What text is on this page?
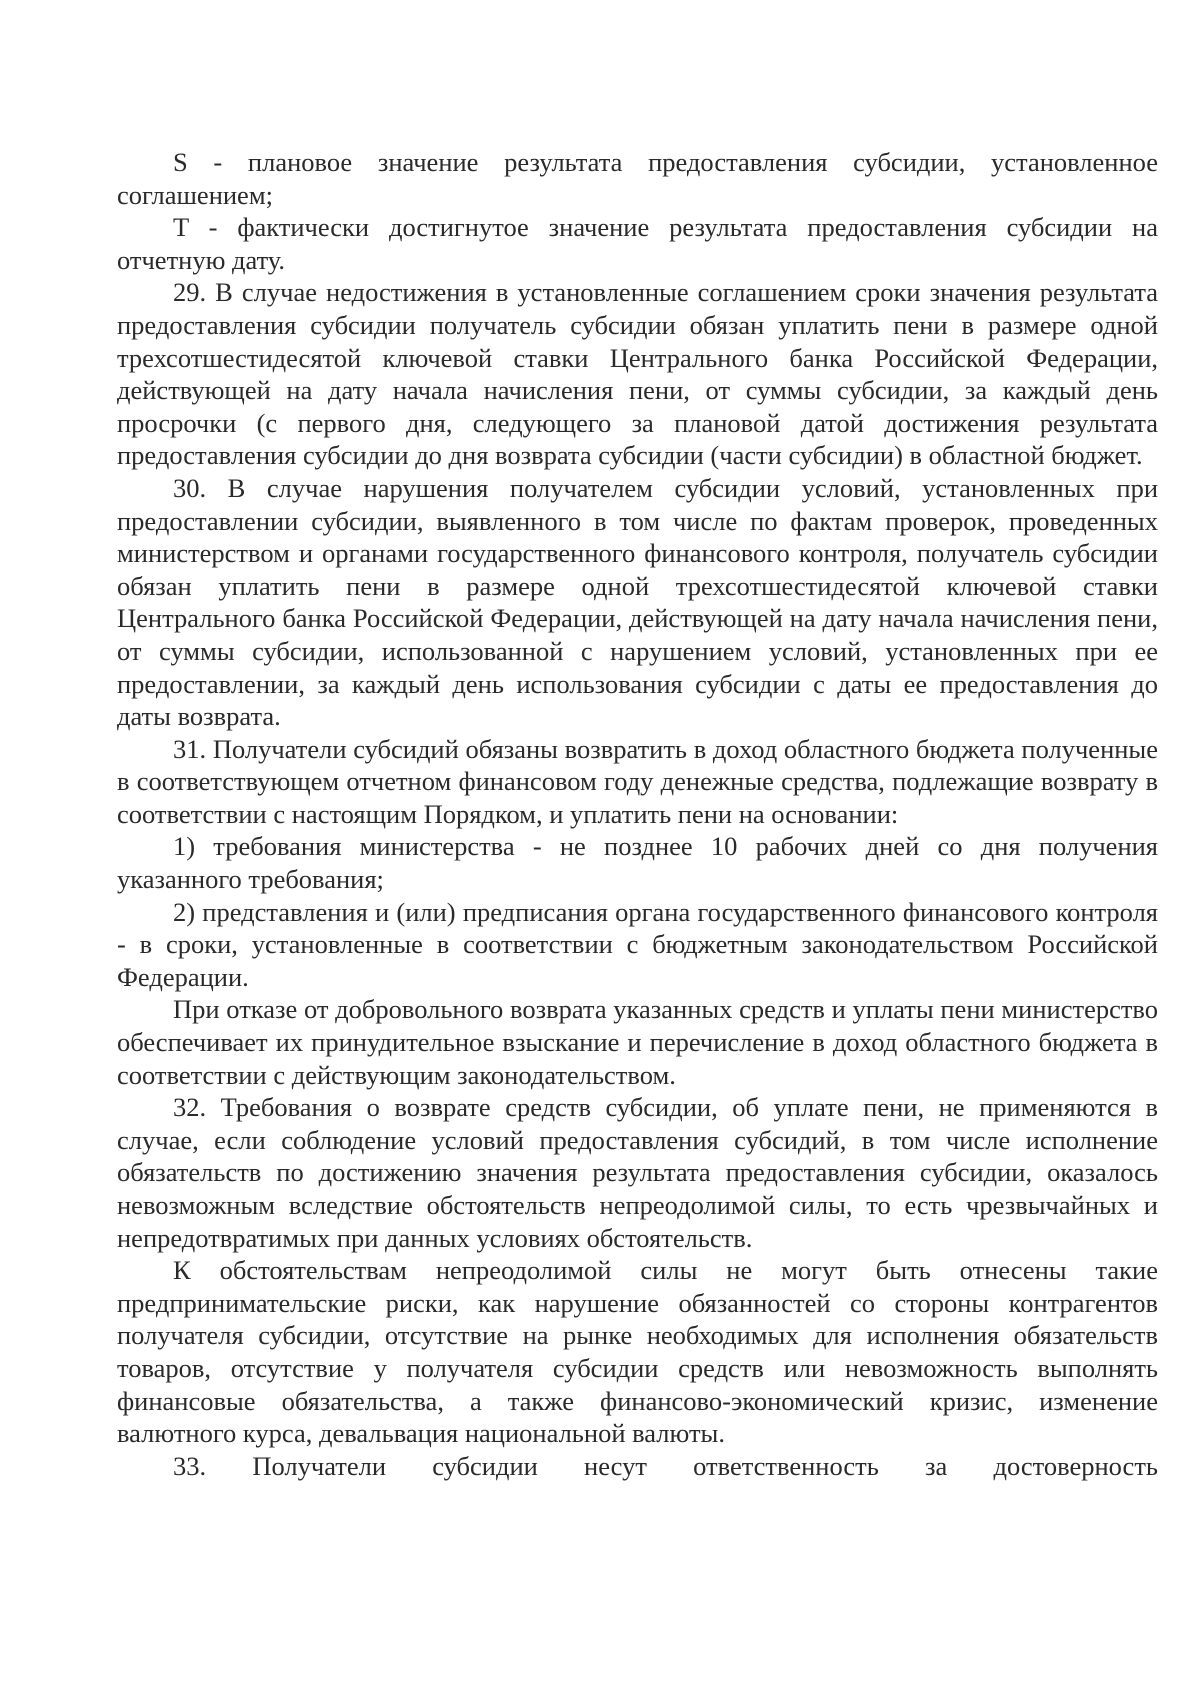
S - плановое значение результата предоставления субсидии, установленное соглашением;

T - фактически достигнутое значение результата предоставления субсидии на отчетную дату.

29. В случае недостижения в установленные соглашением сроки значения результата предоставления субсидии получатель субсидии обязан уплатить пени в размере одной трехсотшестидесятой ключевой ставки Центрального банка Российской Федерации, действующей на дату начала начисления пени, от суммы субсидии, за каждый день просрочки (с первого дня, следующего за плановой датой достижения результата предоставления субсидии до дня возврата субсидии (части субсидии) в областной бюджет.

30. В случае нарушения получателем субсидии условий, установленных при предоставлении субсидии, выявленного в том числе по фактам проверок, проведенных министерством и органами государственного финансового контроля, получатель субсидии обязан уплатить пени в размере одной трехсотшестидесятой ключевой ставки Центрального банка Российской Федерации, действующей на дату начала начисления пени, от суммы субсидии, использованной с нарушением условий, установленных при ее предоставлении, за каждый день использования субсидии с даты ее предоставления до даты возврата.

31. Получатели субсидий обязаны возвратить в доход областного бюджета полученные в соответствующем отчетном финансовом году денежные средства, подлежащие возврату в соответствии с настоящим Порядком, и уплатить пени на основании:

1) требования министерства - не позднее 10 рабочих дней со дня получения указанного требования;

2) представления и (или) предписания органа государственного финансового контроля - в сроки, установленные в соответствии с бюджетным законодательством Российской Федерации.

При отказе от добровольного возврата указанных средств и уплаты пени министерство обеспечивает их принудительное взыскание и перечисление в доход областного бюджета в соответствии с действующим законодательством.

32. Требования о возврате средств субсидии, об уплате пени, не применяются в случае, если соблюдение условий предоставления субсидий, в том числе исполнение обязательств по достижению значения результата предоставления субсидии, оказалось невозможным вследствие обстоятельств непреодолимой силы, то есть чрезвычайных и непредотвратимых при данных условиях обстоятельств.

К обстоятельствам непреодолимой силы не могут быть отнесены такие предпринимательские риски, как нарушение обязанностей со стороны контрагентов получателя субсидии, отсутствие на рынке необходимых для исполнения обязательств товаров, отсутствие у получателя субсидии средств или невозможность выполнять финансовые обязательства, а также финансово-экономический кризис, изменение валютного курса, девальвация национальной валюты.

33. Получатели субсидии несут ответственность за достоверность
